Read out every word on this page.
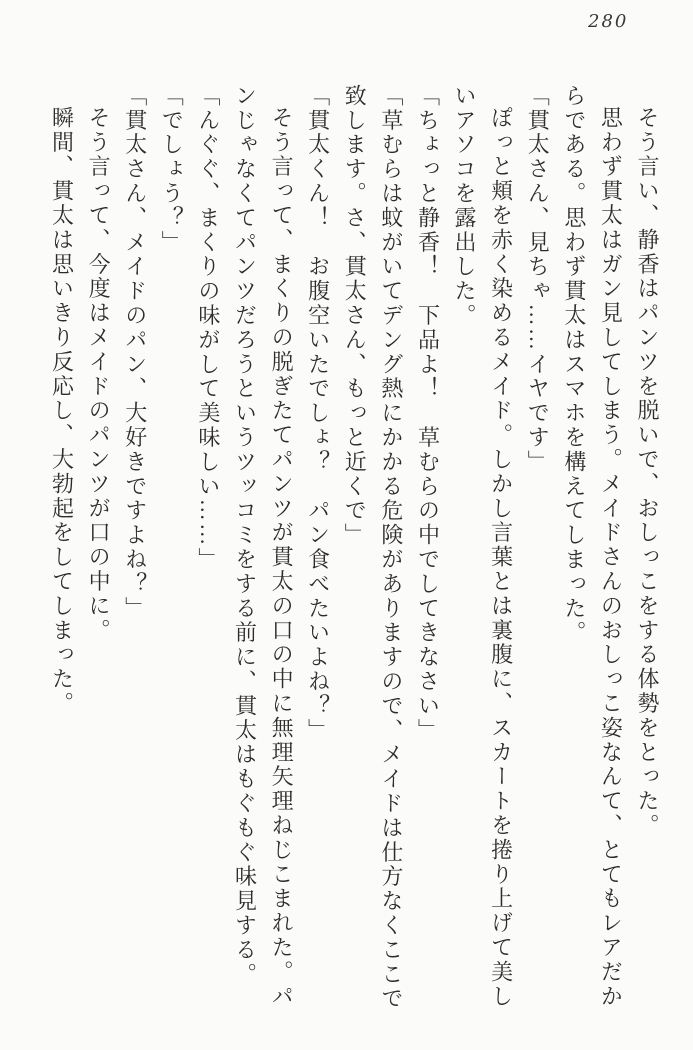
280

そう言い、静香はパンツを脱いで、おしっこをする体勢をとった。

思わず貫太はガン見してしまう。メイドさんのおしっこ姿なんて、とてもレアだからである。思わず貫太はスマホを構えてしまった。

「貫太さん、見ちゃ……イヤです」

ぽっと頬を赤く染めるメイド。しかし言葉とは裏腹に、スカートを捲り上げて美しいアソコを露出した。

「ちょっと静香！　下品よ！　草むらの中でしてきなさい」

「草むらは蚊がいてデング熱にかかる危険がありますので、メイドは仕方なくここで致します。さ、貫太さん、もっと近くで」

「貫太くん！　お腹空いたでしょ？　パン食べたいよね？」

そう言って、まくりの脱ぎたてパンツが貫太の口の中に無理矢理ねじこまれた。パンじゃなくてパンツだろうというツッコミをする前に、貫太はもぐもぐ味見する。

「んぐぐ、まくりの味がして美味しい……」

「でしょう？」

「貫太さん、メイドのパン、大好きですよね？」

そう言って、今度はメイドのパンツが口の中に。

瞬間、貫太は思いきり反応し、大勃起をしてしまった。
